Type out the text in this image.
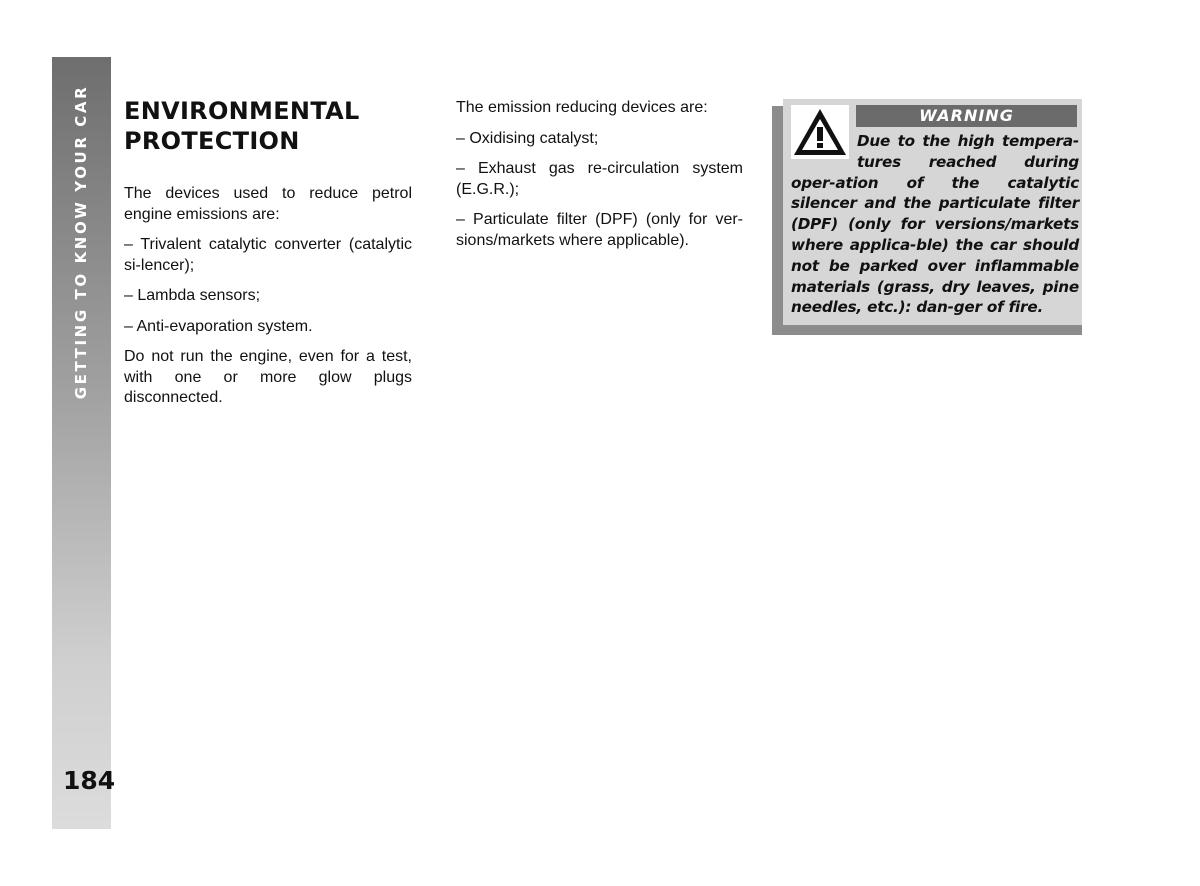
GETTING TO KNOW YOUR CAR
184
ENVIRONMENTAL
PROTECTION

The devices used to reduce petrol engine emissions are:

– Trivalent catalytic converter (catalytic si-lencer);

– Lambda sensors;

– Anti-evaporation system.

Do not run the engine, even for a test, with one or more glow plugs disconnected.

The emission reducing devices are:

– Oxidising catalyst;

– Exhaust gas re-circulation system (E.G.R.);

– Particulate filter (DPF) (only for ver-sions/markets where applicable).

WARNING
Due to the high tempera-tures reached during oper-ation of the catalytic silencer and the particulate filter (DPF) (only for versions/markets where applica-ble) the car should not be parked over inflammable materials (grass, dry leaves, pine needles, etc.): dan-ger of fire.
